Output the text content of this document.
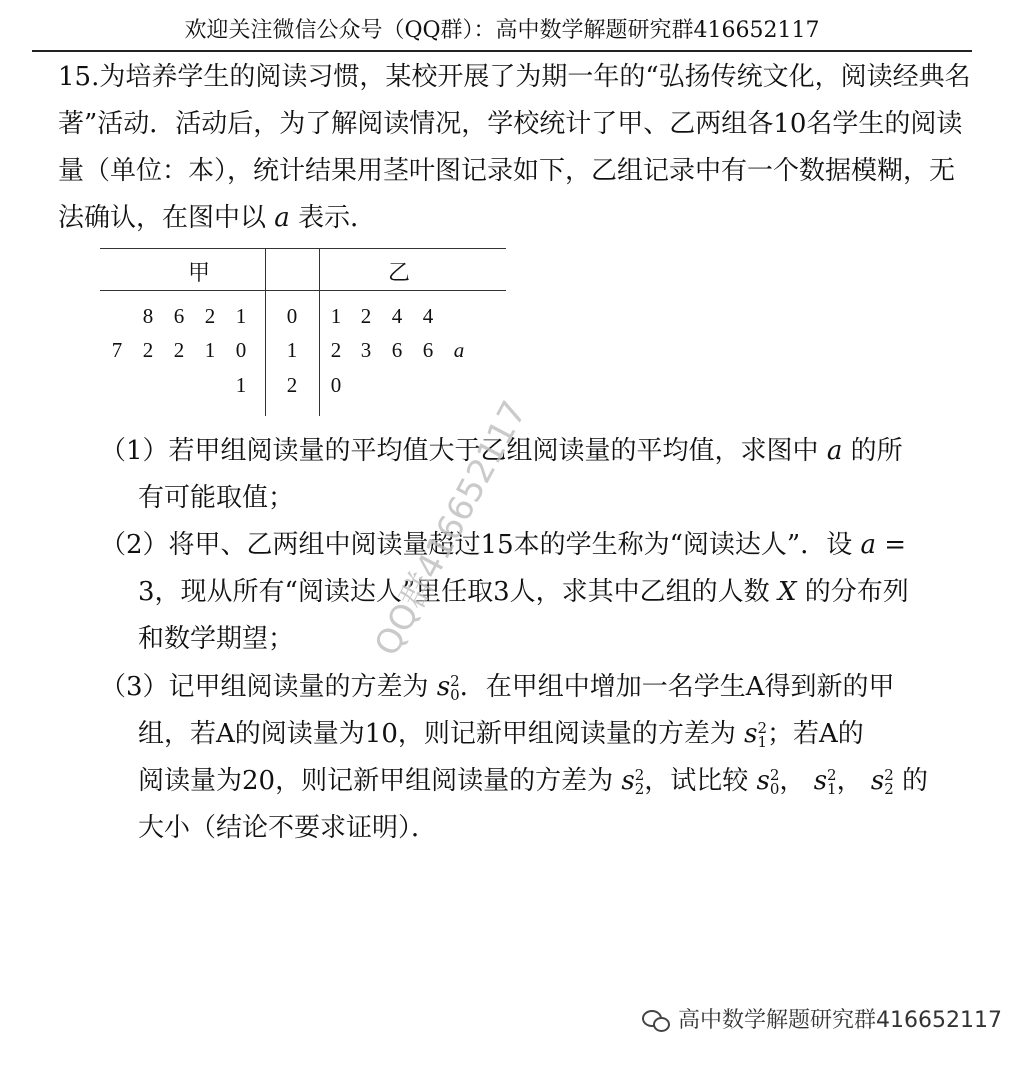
欢迎关注微信公众号（QQ群）：高中数学解题研究群416652117
15.为培养学生的阅读习惯，某校开展了为期一年的“弘扬传统文化，阅读经典名著”活动．活动后，为了解阅读情况，学校统计了甲、乙两组各10名学生的阅读量（单位：本），统计结果用茎叶图记录如下，乙组记录中有一个数据模糊，无法确认，在图中以 a 表示．
甲	乙
8 6 2 1 0 1 2 4 4
7 2 2 1 0 1 2 3 6 6 a
1 2 0
（1）若甲组阅读量的平均值大于乙组阅读量的平均值，求图中 a 的所
有可能取值；
（2）将甲、乙两组中阅读量超过15本的学生称为“阅读达人”．设 a =
3，现从所有“阅读达人”里任取3人，求其中乙组的人数 X 的分布列
和数学期望；
（3）记甲组阅读量的方差为 s2
0．在甲组中增加一名学生A得到新的甲
组，若A的阅读量为10，则记新甲组阅读量的方差为 s2
1；若A的
阅读量为20，则记新甲组阅读量的方差为 s2
2，试比较 s2
0， s2
1， s2
2 的
大小（结论不要求证明）．
QQ群416652117
高中数学解题研究群416652117
